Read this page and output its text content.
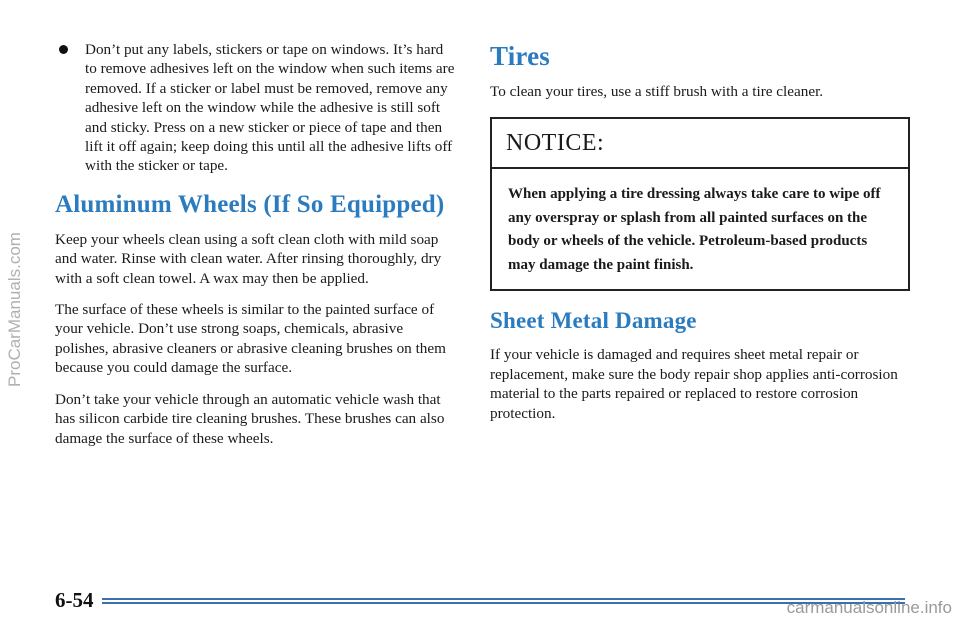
ProCarManuals.com

Don’t put any labels, stickers or tape on windows. It’s hard to remove adhesives left on the window when such items are removed. If a sticker or label must be removed, remove any adhesive left on the window while the adhesive is still soft and sticky. Press on a new sticker or piece of tape and then lift it off again; keep doing this until all the adhesive lifts off with the sticker or tape.

Aluminum Wheels (If So Equipped)

Keep your wheels clean using a soft clean cloth with mild soap and water. Rinse with clean water. After rinsing thoroughly, dry with a soft clean towel. A wax may then be applied.

The surface of these wheels is similar to the painted surface of your vehicle. Don’t use strong soaps, chemicals, abrasive polishes, abrasive cleaners or abrasive cleaning brushes on them because you could damage the surface.

Don’t take your vehicle through an automatic vehicle wash that has silicon carbide tire cleaning brushes. These brushes can also damage the surface of these wheels.

Tires

To clean your tires, use a stiff brush with a tire cleaner.

NOTICE:
When applying a tire dressing always take care to wipe off any overspray or splash from all painted surfaces on the body or wheels of the vehicle. Petroleum-based products may damage the paint finish.
Sheet Metal Damage

If your vehicle is damaged and requires sheet metal repair or replacement, make sure the body repair shop applies anti-corrosion material to the parts repaired or replaced to restore corrosion protection.

6-54	carmanualsonline.info
